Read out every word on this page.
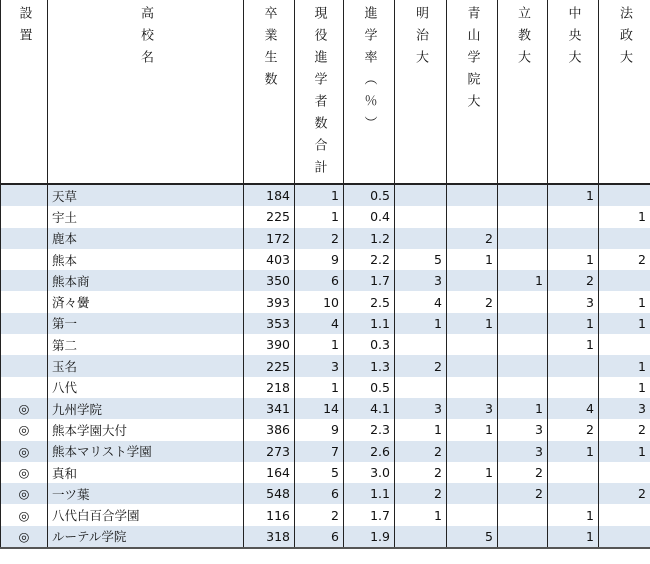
設置	高校名	卒業生数	現役進学者数合計	進学率（％）	明治大	青山学院大	立教大	中央大	法政大
	天草	184	1	0.5				1	
	宇土	225	1	0.4					1
	鹿本	172	2	1.2		2			
	熊本	403	9	2.2	5	1		1	2
	熊本商	350	6	1.7	3		1	2	
	済々黌	393	10	2.5	4	2		3	1
	第一	353	4	1.1	1	1		1	1
	第二	390	1	0.3				1	
	玉名	225	3	1.3	2				1
	八代	218	1	0.5					1
◎	九州学院	341	14	4.1	3	3	1	4	3
◎	熊本学園大付	386	9	2.3	1	1	3	2	2
◎	熊本マリスト学園	273	7	2.6	2		3	1	1
◎	真和	164	5	3.0	2	1	2		
◎	一ツ葉	548	6	1.1	2		2		2
◎	八代白百合学園	116	2	1.7	1			1	
◎	ルーテル学院	318	6	1.9		5		1	
